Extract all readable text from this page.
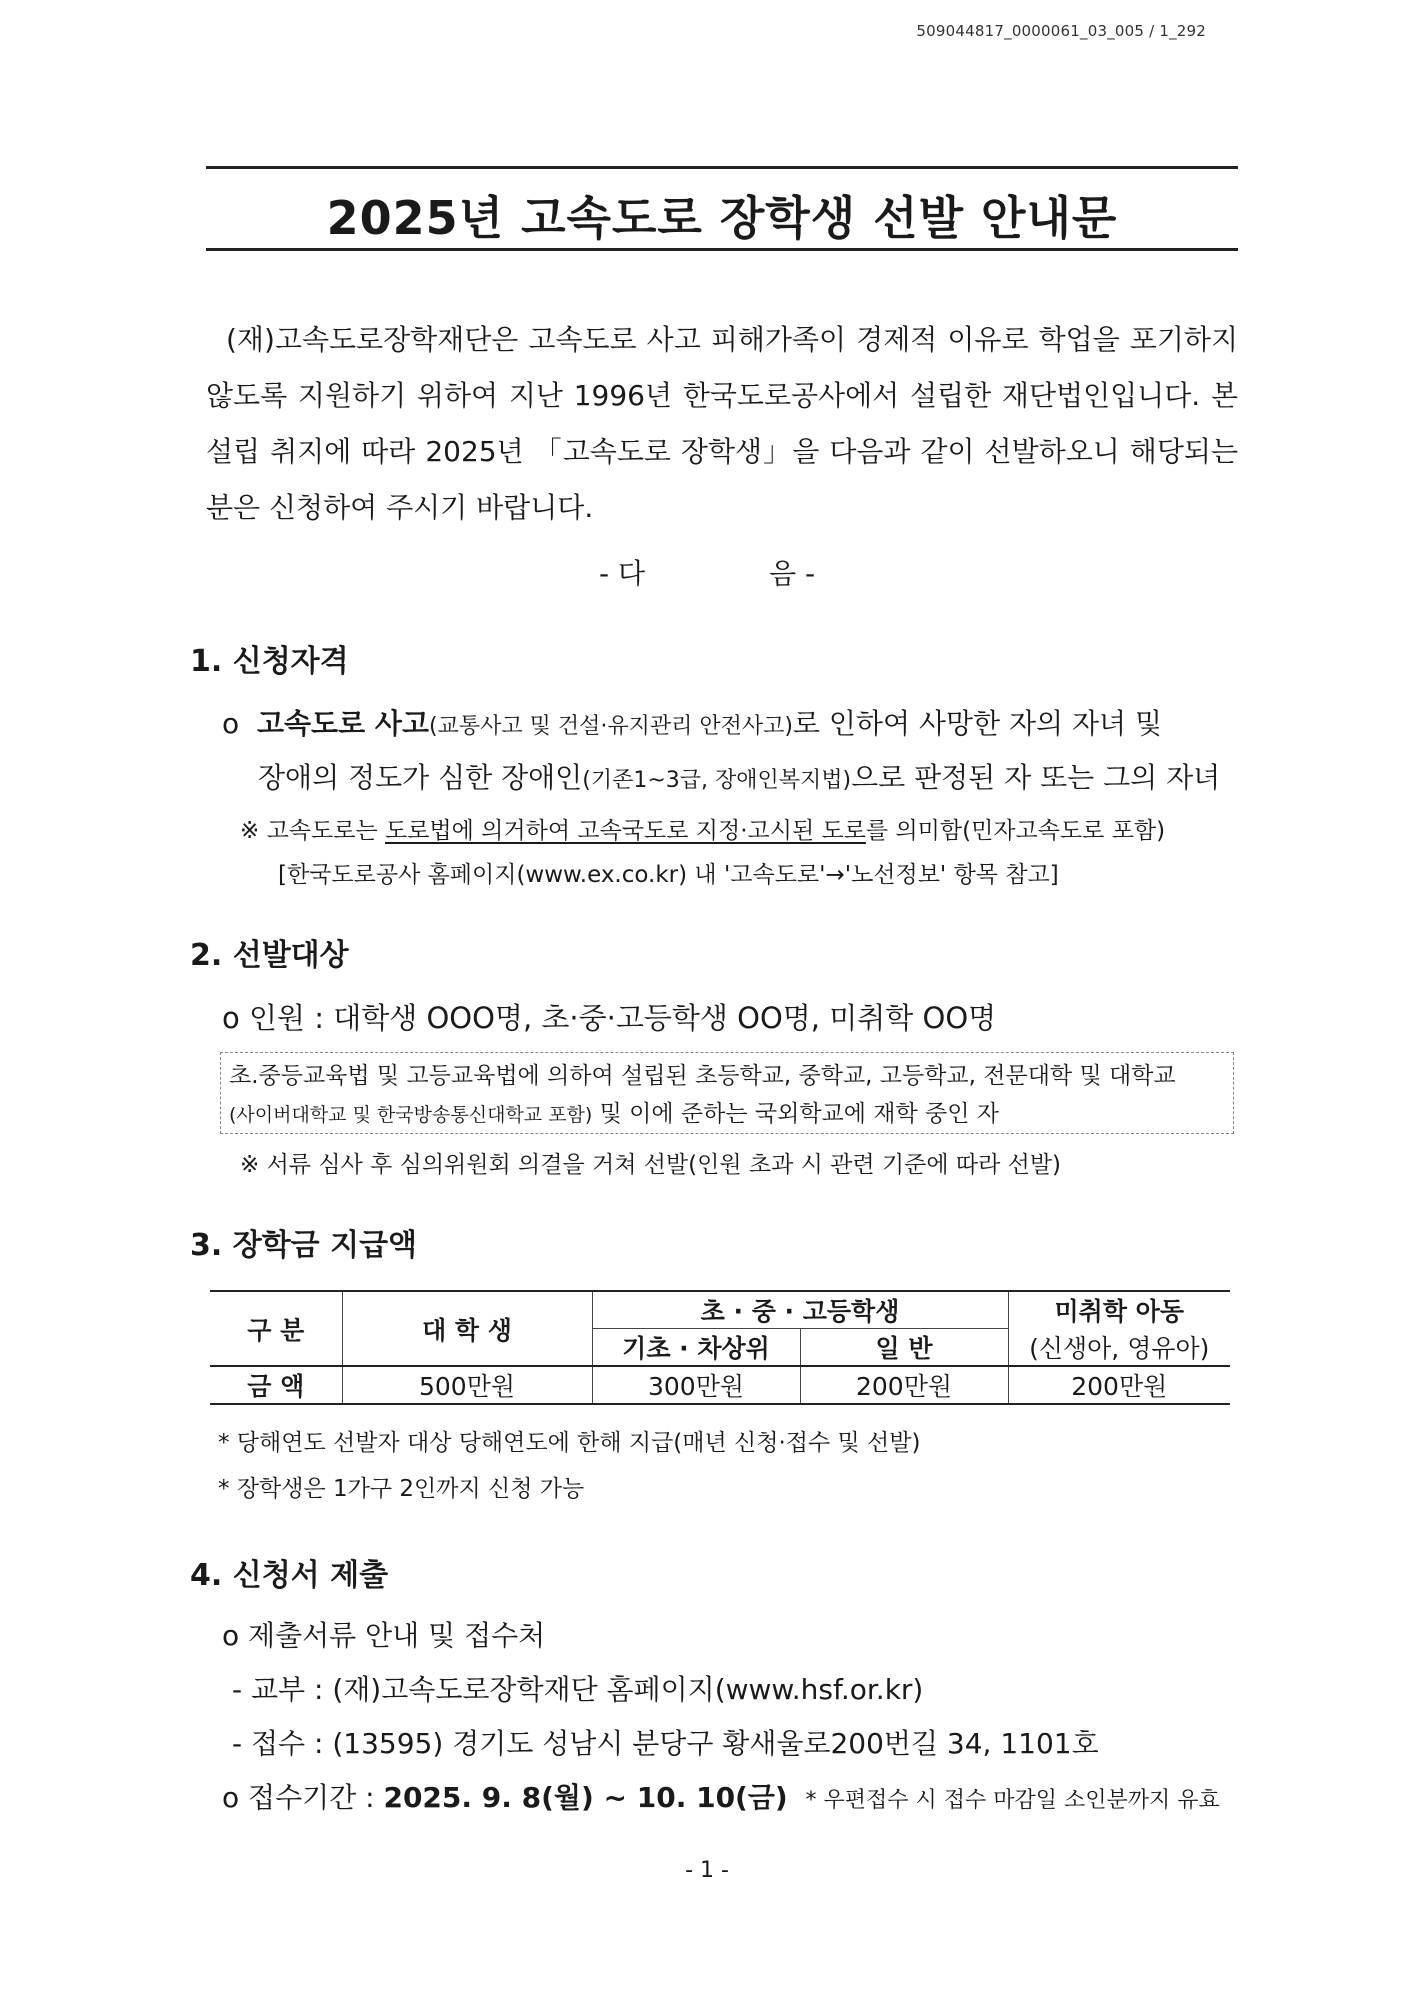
509044817_0000061_03_005 / 1_292
2025년 고속도로 장학생 선발 안내문
(재)고속도로장학재단은 고속도로 사고 피해가족이 경제적 이유로 학업을 포기하지 않도록 지원하기 위하여 지난 1996년 한국도로공사에서 설립한 재단법인입니다. 본 설립 취지에 따라 2025년 「고속도로 장학생」을 다음과 같이 선발하오니 해당되는 분은 신청하여 주시기 바랍니다.
- 다	음 -
1. 신청자격
o 고속도로 사고(교통사고 및 건설·유지관리 안전사고)로 인하여 사망한 자의 자녀 및
장애의 정도가 심한 장애인(기존1~3급, 장애인복지법)으로 판정된 자 또는 그의 자녀
※ 고속도로는 도로법에 의거하여 고속국도로 지정·고시된 도로를 의미함(민자고속도로 포함)
[한국도로공사 홈페이지(www.ex.co.kr) 내 '고속도로'→'노선정보' 항목 참고]
2. 선발대상
o 인원 : 대학생 OOO명, 초·중·고등학생 OO명, 미취학 OO명
초.중등교육법 및 고등교육법에 의하여 설립된 초등학교, 중학교, 고등학교, 전문대학 및 대학교
(사이버대학교 및 한국방송통신대학교 포함) 및 이에 준하는 국외학교에 재학 중인 자
※ 서류 심사 후 심의위원회 의결을 거쳐 선발(인원 초과 시 관련 기준에 따라 선발)
3. 장학금 지급액
구 분	대 학 생	초 · 중 · 고등학생		미취학 아동
		기초 · 차상위	일 반	(신생아, 영유아)
금 액	500만원	300만원	200만원	200만원
* 당해연도 선발자 대상 당해연도에 한해 지급(매년 신청·접수 및 선발)
* 장학생은 1가구 2인까지 신청 가능
4. 신청서 제출
o 제출서류 안내 및 접수처
- 교부 : (재)고속도로장학재단 홈페이지(www.hsf.or.kr)
- 접수 : (13595) 경기도 성남시 분당구 황새울로200번길 34, 1101호
o 접수기간 : 2025. 9. 8(월) ~ 10. 10(금) * 우편접수 시 접수 마감일 소인분까지 유효
- 1 -
